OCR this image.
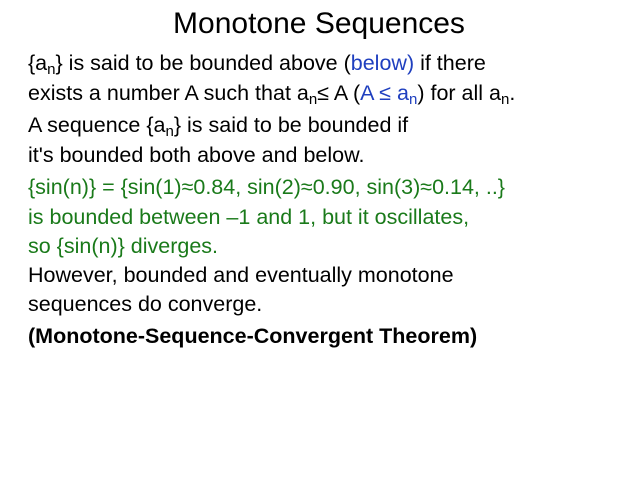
Monotone Sequences
$\{a_n\}$ is said to be bounded above (below) if there
exists a number A such that $a_n\le A$ $(A \le a_n)$ for all $a_n$.
A sequence $\{a_n\}$ is said to be bounded if
it's bounded both above and below.
{sin(n)} = {sin(1)≈0.84, sin(2)≈0.90, sin(3)≈0.14, ..}
is bounded between –1 and 1, but it oscillates,
so {sin(n)} diverges.
However, bounded and eventually monotone
sequences do converge.
(Monotone-Sequence-Convergent Theorem)
